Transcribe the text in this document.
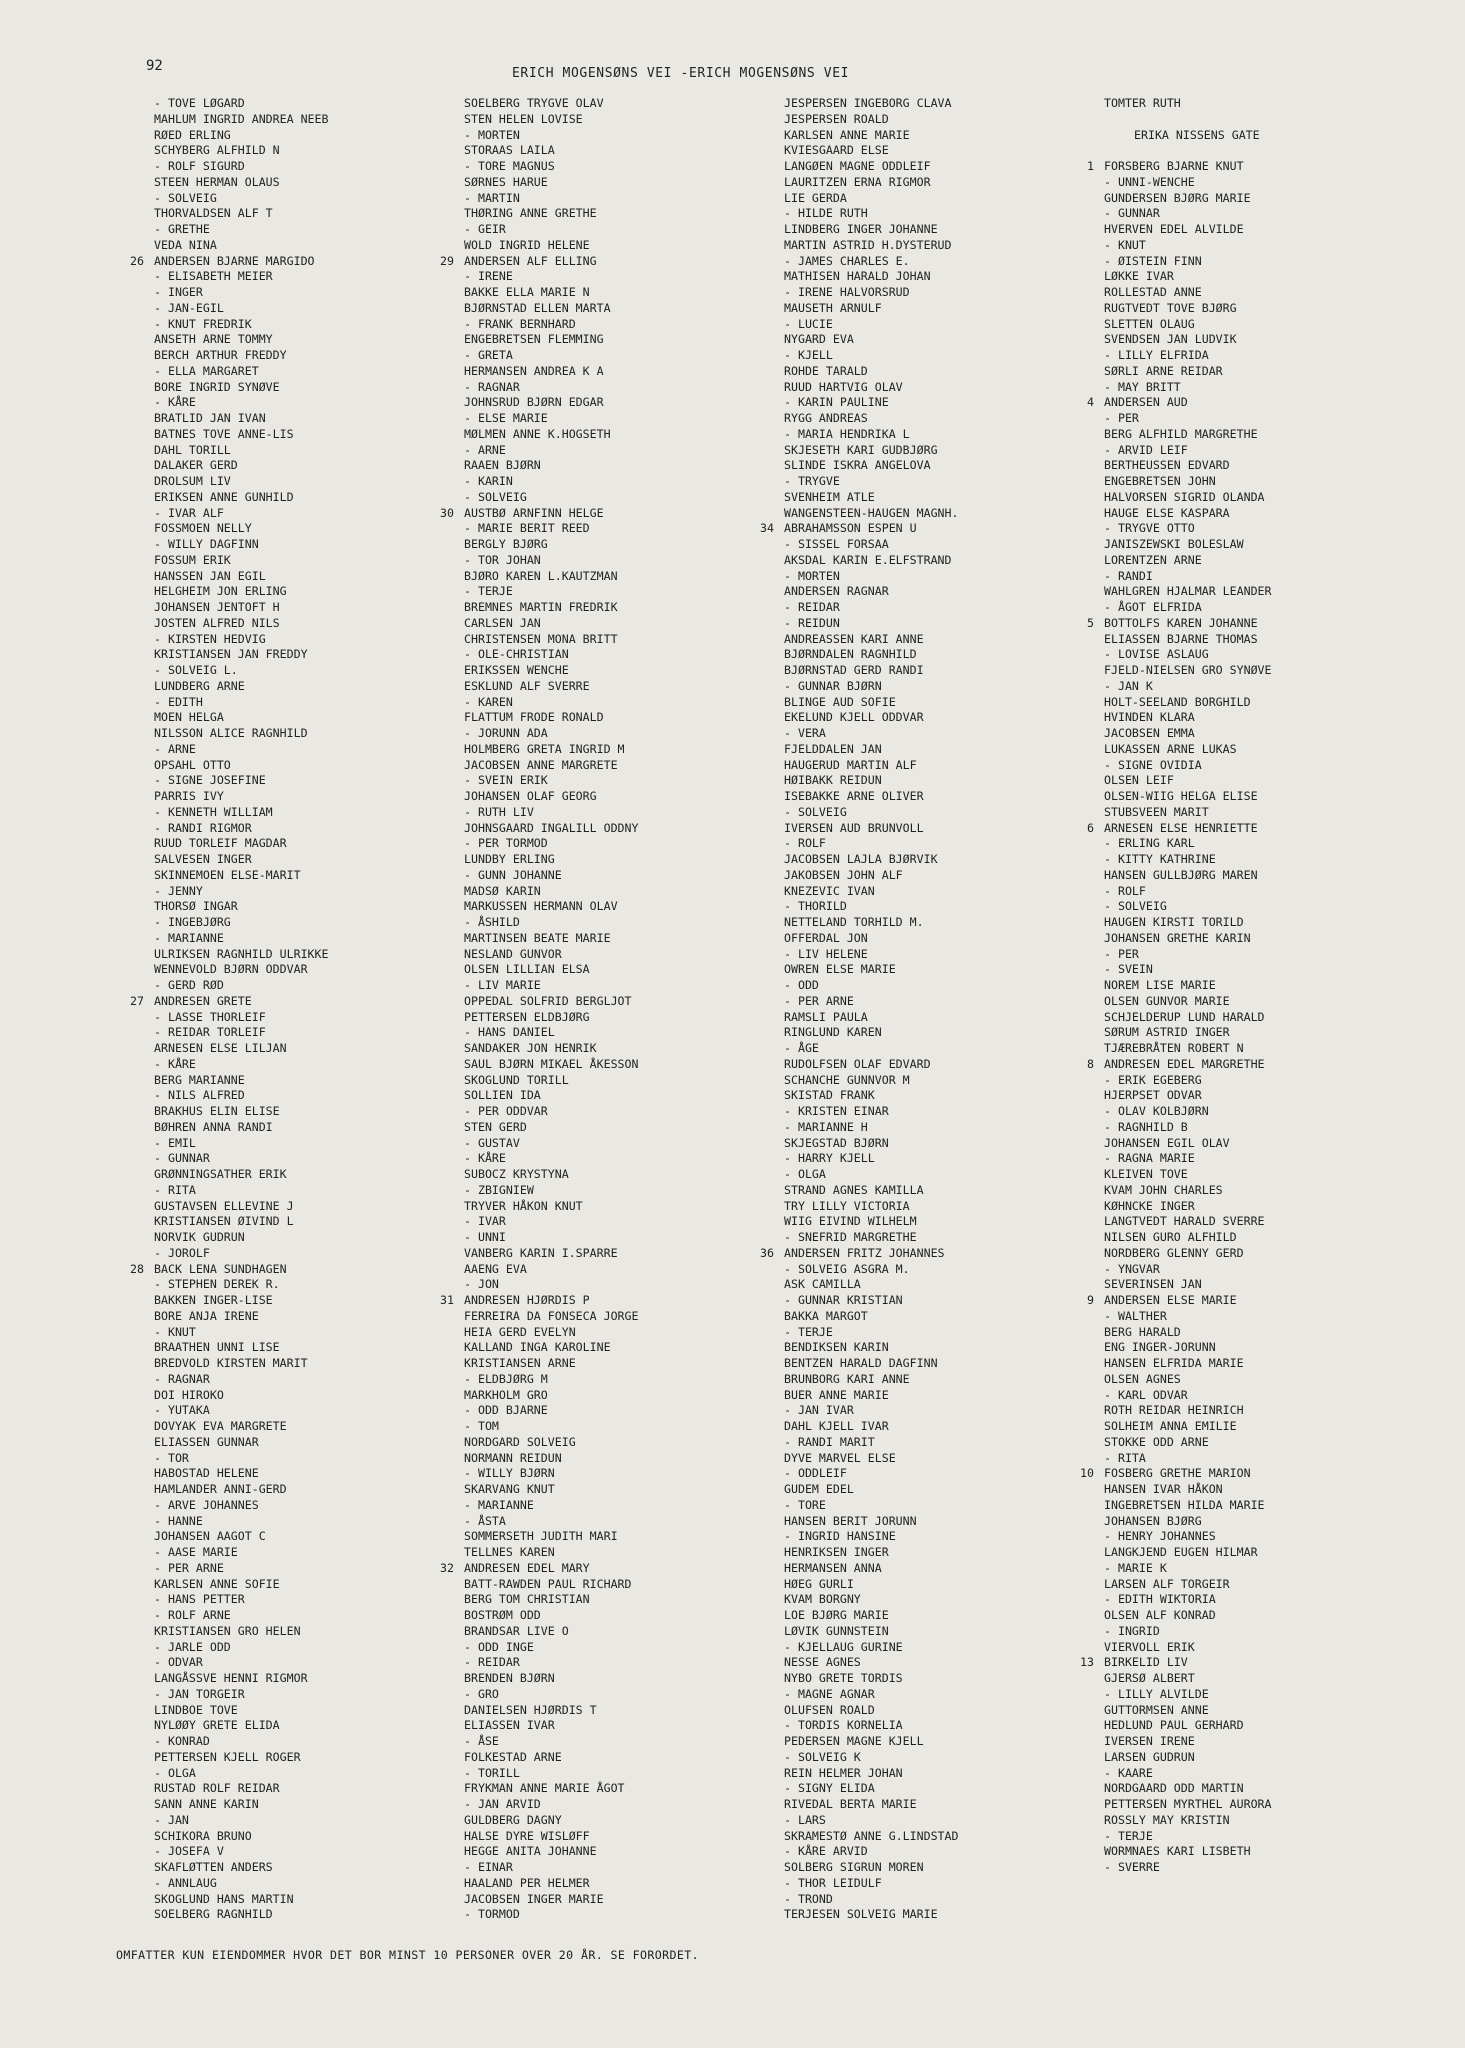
92	ERICH MOGENSØNS VEI -ERICH MOGENSØNS VEI
- TOVE LØGARD
MAHLUM INGRID ANDREA NEEB
RØED ERLING
SCHYBERG ALFHILD N
- ROLF SIGURD
STEEN HERMAN OLAUS
- SOLVEIG
THORVALDSEN ALF T
- GRETHE
VEDA NINA
26 ANDERSEN BJARNE MARGIDO
- ELISABETH MEIER
- INGER
- JAN-EGIL
- KNUT FREDRIK
ANSETH ARNE TOMMY
BERCH ARTHUR FREDDY
- ELLA MARGARET
BORE INGRID SYNØVE
- KÅRE
BRATLID JAN IVAN
BATNES TOVE ANNE-LIS
DAHL TORILL
DALAKER GERD
DROLSUM LIV
ERIKSEN ANNE GUNHILD
- IVAR ALF
FOSSMOEN NELLY
- WILLY DAGFINN
FOSSUM ERIK
HANSSEN JAN EGIL
HELGHEIM JON ERLING
JOHANSEN JENTOFT H
JOSTEN ALFRED NILS
- KIRSTEN HEDVIG
KRISTIANSEN JAN FREDDY
- SOLVEIG L.
LUNDBERG ARNE
- EDITH
MOEN HELGA
NILSSON ALICE RAGNHILD
- ARNE
OPSAHL OTTO
- SIGNE JOSEFINE
PARRIS IVY
- KENNETH WILLIAM
- RANDI RIGMOR
RUUD TORLEIF MAGDAR
SALVESEN INGER
SKINNEMOEN ELSE-MARIT
- JENNY
THORSØ INGAR
- INGEBJØRG
- MARIANNE
ULRIKSEN RAGNHILD ULRIKKE
WENNEVOLD BJØRN ODDVAR
- GERD RØD
27 ANDRESEN GRETE
- LASSE THORLEIF
- REIDAR TORLEIF
ARNESEN ELSE LILJAN
- KÅRE
BERG MARIANNE
- NILS ALFRED
BRAKHUS ELIN ELISE
BØHREN ANNA RANDI
- EMIL
- GUNNAR
GRØNNINGSATHER ERIK
- RITA
GUSTAVSEN ELLEVINE J
KRISTIANSEN ØIVIND L
NORVIK GUDRUN
- JOROLF
28 BACK LENA SUNDHAGEN
- STEPHEN DEREK R.
BAKKEN INGER-LISE
BORE ANJA IRENE
- KNUT
BRAATHEN UNNI LISE
BREDVOLD KIRSTEN MARIT
- RAGNAR
DOI HIROKO
- YUTAKA
DOVYAK EVA MARGRETE
ELIASSEN GUNNAR
- TOR
HABOSTAD HELENE
HAMLANDER ANNI-GERD
- ARVE JOHANNES
- HANNE
JOHANSEN AAGOT C
- AASE MARIE
- PER ARNE
KARLSEN ANNE SOFIE
- HANS PETTER
- ROLF ARNE
KRISTIANSEN GRO HELEN
- JARLE ODD
- ODVAR
LANGÅSSVE HENNI RIGMOR
- JAN TORGEIR
LINDBOE TOVE
NYLØØY GRETE ELIDA
- KONRAD
PETTERSEN KJELL ROGER
- OLGA
RUSTAD ROLF REIDAR
SANN ANNE KARIN
- JAN
SCHIKORA BRUNO
- JOSEFA V
SKAFLØTTEN ANDERS
- ANNLAUG
SKOGLUND HANS MARTIN
SOELBERG RAGNHILD
SOELBERG TRYGVE OLAV
STEN HELEN LOVISE
- MORTEN
STORAAS LAILA
- TORE MAGNUS
SØRNES HARUE
- MARTIN
THØRING ANNE GRETHE
- GEIR
WOLD INGRID HELENE
29 ANDERSEN ALF ELLING
- IRENE
BAKKE ELLA MARIE N
BJØRNSTAD ELLEN MARTA
- FRANK BERNHARD
ENGEBRETSEN FLEMMING
- GRETA
HERMANSEN ANDREA K A
- RAGNAR
JOHNSRUD BJØRN EDGAR
- ELSE MARIE
MØLMEN ANNE K.HOGSETH
- ARNE
RAAEN BJØRN
- KARIN
- SOLVEIG
30 AUSTBØ ARNFINN HELGE
- MARIE BERIT REED
BERGLY BJØRG
- TOR JOHAN
BJØRO KAREN L.KAUTZMAN
- TERJE
BREMNES MARTIN FREDRIK
CARLSEN JAN
CHRISTENSEN MONA BRITT
- OLE-CHRISTIAN
ERIKSSEN WENCHE
ESKLUND ALF SVERRE
- KAREN
FLATTUM FRODE RONALD
- JORUNN ADA
HOLMBERG GRETA INGRID M
JACOBSEN ANNE MARGRETE
- SVEIN ERIK
JOHANSEN OLAF GEORG
- RUTH LIV
JOHNSGAARD INGALILL ODDNY
- PER TORMOD
LUNDBY ERLING
- GUNN JOHANNE
MADSØ KARIN
MARKUSSEN HERMANN OLAV
- ÅSHILD
MARTINSEN BEATE MARIE
NESLAND GUNVOR
OLSEN LILLIAN ELSA
- LIV MARIE
OPPEDAL SOLFRID BERGLJOT
PETTERSEN ELDBJØRG
- HANS DANIEL
SANDAKER JON HENRIK
SAUL BJØRN MIKAEL ÅKESSON
SKOGLUND TORILL
SOLLIEN IDA
- PER ODDVAR
STEN GERD
- GUSTAV
- KÅRE
SUBOCZ KRYSTYNA
- ZBIGNIEW
TRYVER HÅKON KNUT
- IVAR
- UNNI
VANBERG KARIN I.SPARRE
AAENG EVA
- JON
31 ANDRESEN HJØRDIS P
FERREIRA DA FONSECA JORGE
HEIA GERD EVELYN
KALLAND INGA KAROLINE
KRISTIANSEN ARNE
- ELDBJØRG M
MARKHOLM GRO
- ODD BJARNE
- TOM
NORDGARD SOLVEIG
NORMANN REIDUN
- WILLY BJØRN
SKARVANG KNUT
- MARIANNE
- ÅSTA
SOMMERSETH JUDITH MARI
TELLNES KAREN
32 ANDRESEN EDEL MARY
BATT-RAWDEN PAUL RICHARD
BERG TOM CHRISTIAN
BOSTRØM ODD
BRANDSAR LIVE O
- ODD INGE
- REIDAR
BRENDEN BJØRN
- GRO
DANIELSEN HJØRDIS T
ELIASSEN IVAR
- ÅSE
FOLKESTAD ARNE
- TORILL
FRYKMAN ANNE MARIE ÅGOT
- JAN ARVID
GULDBERG DAGNY
HALSE DYRE WISLØFF
HEGGE ANITA JOHANNE
- EINAR
HAALAND PER HELMER
JACOBSEN INGER MARIE
- TORMOD
JESPERSEN INGEBORG CLAVA
JESPERSEN ROALD
KARLSEN ANNE MARIE
KVIESGAARD ELSE
LANGØEN MAGNE ODDLEIF
LAURITZEN ERNA RIGMOR
LIE GERDA
- HILDE RUTH
LINDBERG INGER JOHANNE
MARTIN ASTRID H.DYSTERUD
- JAMES CHARLES E.
MATHISEN HARALD JOHAN
- IRENE HALVORSRUD
MAUSETH ARNULF
- LUCIE
NYGARD EVA
- KJELL
ROHDE TARALD
RUUD HARTVIG OLAV
- KARIN PAULINE
RYGG ANDREAS
- MARIA HENDRIKA L
SKJESETH KARI GUDBJØRG
SLINDE ISKRA ANGELOVA
- TRYGVE
SVENHEIM ATLE
WANGENSTEEN-HAUGEN MAGNH.
34 ABRAHAMSSON ESPEN U
- SISSEL FORSAA
AKSDAL KARIN E.ELFSTRAND
- MORTEN
ANDERSEN RAGNAR
- REIDAR
- REIDUN
ANDREASSEN KARI ANNE
BJØRNDALEN RAGNHILD
BJØRNSTAD GERD RANDI
- GUNNAR BJØRN
BLINGE AUD SOFIE
EKELUND KJELL ODDVAR
- VERA
FJELDDALEN JAN
HAUGERUD MARTIN ALF
HØIBAKK REIDUN
ISEBAKKE ARNE OLIVER
- SOLVEIG
IVERSEN AUD BRUNVOLL
- ROLF
JACOBSEN LAJLA BJØRVIK
JAKOBSEN JOHN ALF
KNEZEVIC IVAN
- THORILD
NETTELAND TORHILD M.
OFFERDAL JON
- LIV HELENE
OWREN ELSE MARIE
- ODD
- PER ARNE
RAMSLI PAULA
RINGLUND KAREN
- ÅGE
RUDOLFSEN OLAF EDVARD
SCHANCHE GUNNVOR M
SKISTAD FRANK
- KRISTEN EINAR
- MARIANNE H
SKJEGSTAD BJØRN
- HARRY KJELL
- OLGA
STRAND AGNES KAMILLA
TRY LILLY VICTORIA
WIIG EIVIND WILHELM
- SNEFRID MARGRETHE
36 ANDERSEN FRITZ JOHANNES
- SOLVEIG ASGRA M.
ASK CAMILLA
- GUNNAR KRISTIAN
BAKKA MARGOT
- TERJE
BENDIKSEN KARIN
BENTZEN HARALD DAGFINN
BRUNBORG KARI ANNE
BUER ANNE MARIE
- JAN IVAR
DAHL KJELL IVAR
- RANDI MARIT
DYVE MARVEL ELSE
- ODDLEIF
GUDEM EDEL
- TORE
HANSEN BERIT JORUNN
- INGRID HANSINE
HENRIKSEN INGER
HERMANSEN ANNA
HØEG GURLI
KVAM BORGNY
LOE BJØRG MARIE
LØVIK GUNNSTEIN
- KJELLAUG GURINE
NESSE AGNES
NYBO GRETE TORDIS
- MAGNE AGNAR
OLUFSEN ROALD
- TORDIS KORNELIA
PEDERSEN MAGNE KJELL
- SOLVEIG K
REIN HELMER JOHAN
- SIGNY ELIDA
RIVEDAL BERTA MARIE
- LARS
SKRAMESTØ ANNE G.LINDSTAD
- KÅRE ARVID
SOLBERG SIGRUN MOREN
- THOR LEIDULF
- TROND
TERJESEN SOLVEIG MARIE
TOMTER RUTH
ERIKA NISSENS GATE
1 FORSBERG BJARNE KNUT
- UNNI-WENCHE
GUNDERSEN BJØRG MARIE
- GUNNAR
HVERVEN EDEL ALVILDE
- KNUT
- ØISTEIN FINN
LØKKE IVAR
ROLLESTAD ANNE
RUGTVEDT TOVE BJØRG
SLETTEN OLAUG
SVENDSEN JAN LUDVIK
- LILLY ELFRIDA
SØRLI ARNE REIDAR
- MAY BRITT
4 ANDERSEN AUD
- PER
BERG ALFHILD MARGRETHE
- ARVID LEIF
BERTHEUSSEN EDVARD
ENGEBRETSEN JOHN
HALVORSEN SIGRID OLANDA
HAUGE ELSE KASPARA
- TRYGVE OTTO
JANISZEWSKI BOLESLAW
LORENTZEN ARNE
- RANDI
WAHLGREN HJALMAR LEANDER
- ÅGOT ELFRIDA
5 BOTTOLFS KAREN JOHANNE
ELIASSEN BJARNE THOMAS
- LOVISE ASLAUG
FJELD-NIELSEN GRO SYNØVE
- JAN K
HOLT-SEELAND BORGHILD
HVINDEN KLARA
JACOBSEN EMMA
LUKASSEN ARNE LUKAS
- SIGNE OVIDIA
OLSEN LEIF
OLSEN-WIIG HELGA ELISE
STUBSVEEN MARIT
6 ARNESEN ELSE HENRIETTE
- ERLING KARL
- KITTY KATHRINE
HANSEN GULLBJØRG MAREN
- ROLF
- SOLVEIG
HAUGEN KIRSTI TORILD
JOHANSEN GRETHE KARIN
- PER
- SVEIN
NOREM LISE MARIE
OLSEN GUNVOR MARIE
SCHJELDERUP LUND HARALD
SØRUM ASTRID INGER
TJÆREBRÅTEN ROBERT N
8 ANDRESEN EDEL MARGRETHE
- ERIK EGEBERG
HJERPSET ODVAR
- OLAV KOLBJØRN
- RAGNHILD B
JOHANSEN EGIL OLAV
- RAGNA MARIE
KLEIVEN TOVE
KVAM JOHN CHARLES
KØHNCKE INGER
LANGTVEDT HARALD SVERRE
NILSEN GURO ALFHILD
NORDBERG GLENNY GERD
- YNGVAR
SEVERINSEN JAN
9 ANDERSEN ELSE MARIE
- WALTHER
BERG HARALD
ENG INGER-JORUNN
HANSEN ELFRIDA MARIE
OLSEN AGNES
- KARL ODVAR
ROTH REIDAR HEINRICH
SOLHEIM ANNA EMILIE
STOKKE ODD ARNE
- RITA
10 FOSBERG GRETHE MARION
HANSEN IVAR HÅKON
INGEBRETSEN HILDA MARIE
JOHANSEN BJØRG
- HENRY JOHANNES
LANGKJEND EUGEN HILMAR
- MARIE K
LARSEN ALF TORGEIR
- EDITH WIKTORIA
OLSEN ALF KONRAD
- INGRID
VIERVOLL ERIK
13 BIRKELID LIV
GJERSØ ALBERT
- LILLY ALVILDE
GUTTORMSEN ANNE
HEDLUND PAUL GERHARD
IVERSEN IRENE
LARSEN GUDRUN
- KAARE
NORDGAARD ODD MARTIN
PETTERSEN MYRTHEL AURORA
ROSSLY MAY KRISTIN
- TERJE
WORMNAES KARI LISBETH
- SVERRE
OMFATTER KUN EIENDOMMER HVOR DET BOR MINST 10 PERSONER OVER 20 ÅR. SE FORORDET.
